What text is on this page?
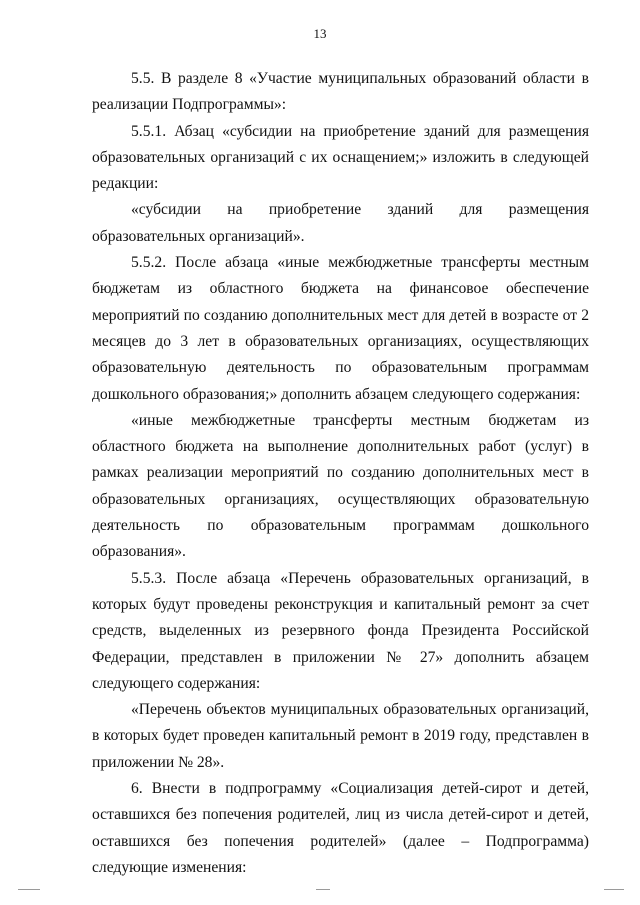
13

5.5. В разделе 8 «Участие муниципальных образований области в реализации Подпрограммы»:

5.5.1. Абзац «субсидии на приобретение зданий для размещения образовательных организаций с их оснащением;» изложить в следующей редакции:

«субсидии на приобретение зданий для размещения образовательных организаций».

5.5.2. После абзаца «иные межбюджетные трансферты местным бюджетам из областного бюджета на финансовое обеспечение мероприятий по созданию дополнительных мест для детей в возрасте от 2 месяцев до 3 лет в образовательных организациях, осуществляющих образовательную деятельность по образовательным программам дошкольного образования;» дополнить абзацем следующего содержания:

«иные межбюджетные трансферты местным бюджетам из областного бюджета на выполнение дополнительных работ (услуг) в рамках реализации мероприятий по созданию дополнительных мест в образовательных организациях, осуществляющих образовательную деятельность по образовательным программам дошкольного образования».

5.5.3. После абзаца «Перечень образовательных организаций, в которых будут проведены реконструкция и капитальный ремонт за счет средств, выделенных из резервного фонда Президента Российской Федерации, представлен в приложении № 27» дополнить абзацем следующего содержания:

«Перечень объектов муниципальных образовательных организаций, в которых будет проведен капитальный ремонт в 2019 году, представлен в приложении № 28».

6. Внести в подпрограмму «Социализация детей-сирот и детей, оставшихся без попечения родителей, лиц из числа детей-сирот и детей, оставшихся без попечения родителей» (далее – Подпрограмма) следующие изменения:
